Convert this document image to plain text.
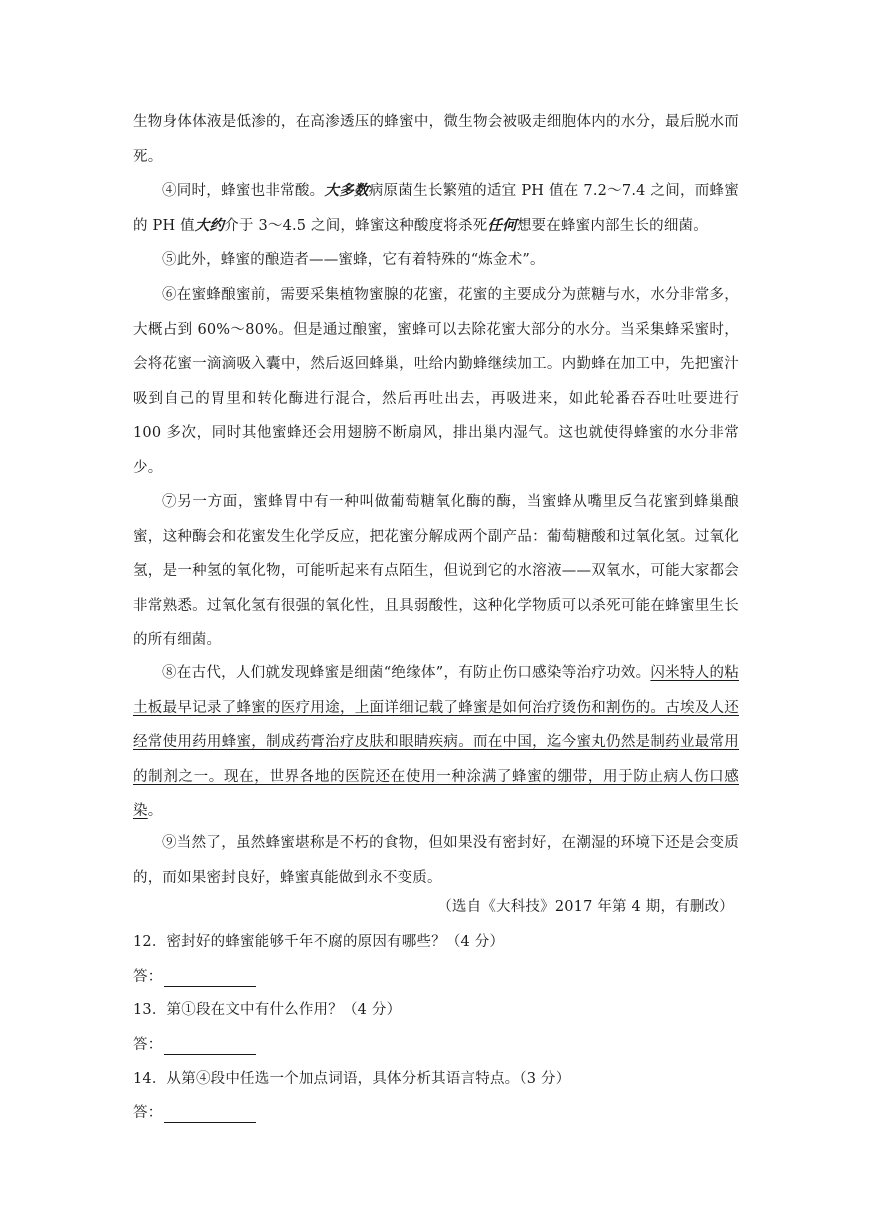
生物身体体液是低渗的，在高渗透压的蜂蜜中，微生物会被吸走细胞体内的水分，最后脱水而死。

④同时，蜂蜜也非常酸。大多数病原菌生长繁殖的适宜 PH 值在 7.2～7.4 之间，而蜂蜜的 PH 值大约介于 3～4.5 之间，蜂蜜这种酸度将杀死任何想要在蜂蜜内部生长的细菌。

⑤此外，蜂蜜的酿造者——蜜蜂，它有着特殊的“炼金术”。

⑥在蜜蜂酿蜜前，需要采集植物蜜腺的花蜜，花蜜的主要成分为蔗糖与水，水分非常多，大概占到 60%～80%。但是通过酿蜜，蜜蜂可以去除花蜜大部分的水分。当采集蜂采蜜时，会将花蜜一滴滴吸入囊中，然后返回蜂巢，吐给内勤蜂继续加工。内勤蜂在加工中，先把蜜汁吸到自己的胃里和转化酶进行混合，然后再吐出去，再吸进来，如此轮番吞吞吐吐要进行 100 多次，同时其他蜜蜂还会用翅膀不断扇风，排出巢内湿气。这也就使得蜂蜜的水分非常少。

⑦另一方面，蜜蜂胃中有一种叫做葡萄糖氧化酶的酶，当蜜蜂从嘴里反刍花蜜到蜂巢酿蜜，这种酶会和花蜜发生化学反应，把花蜜分解成两个副产品：葡萄糖酸和过氧化氢。过氧化氢，是一种氢的氧化物，可能听起来有点陌生，但说到它的水溶液——双氧水，可能大家都会非常熟悉。过氧化氢有很强的氧化性，且具弱酸性，这种化学物质可以杀死可能在蜂蜜里生长的所有细菌。

⑧在古代，人们就发现蜂蜜是细菌“绝缘体”，有防止伤口感染等治疗功效。闪米特人的粘土板最早记录了蜂蜜的医疗用途，上面详细记载了蜂蜜是如何治疗烫伤和割伤的。古埃及人还经常使用药用蜂蜜，制成药膏治疗皮肤和眼睛疾病。而在中国，迄今蜜丸仍然是制药业最常用的制剂之一。现在，世界各地的医院还在使用一种涂满了蜂蜜的绷带，用于防止病人伤口感染。

⑨当然了，虽然蜂蜜堪称是不朽的食物，但如果没有密封好，在潮湿的环境下还是会变质的，而如果密封良好，蜂蜜真能做到永不变质。

（选自《大科技》2017 年第 4 期，有删改）
12．密封好的蜂蜜能够千年不腐的原因有哪些？（4 分）
答：
13．第①段在文中有什么作用？（4 分）
答：
14．从第④段中任选一个加点词语，具体分析其语言特点。（3 分）
答：
